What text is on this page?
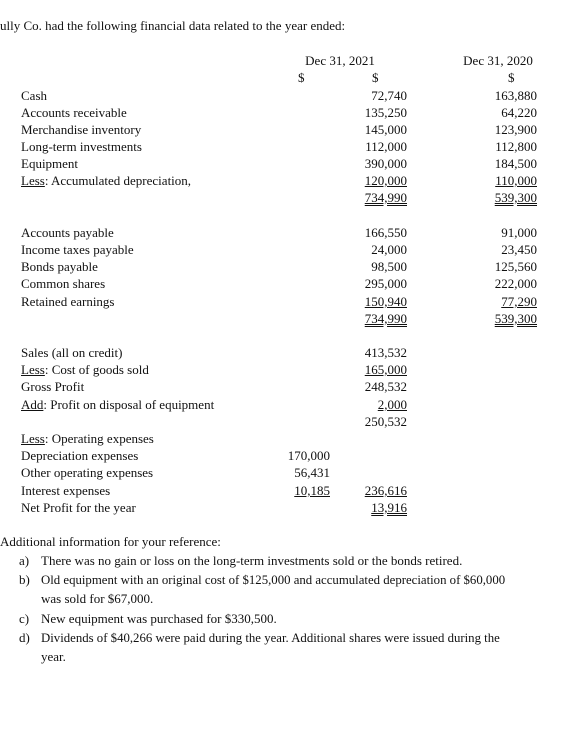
ully Co. had the following financial data related to the year ended:
Dec 31, 2021	Dec 31, 2020
$	$	$
Cash	72,740	163,880
Accounts receivable	135,250	64,220
Merchandise inventory	145,000	123,900
Long-term investments	112,000	112,800
Equipment	390,000	184,500
Less: Accumulated depreciation,	120,000	110,000
734,990	539,300
Accounts payable	166,550	91,000
Income taxes payable	24,000	23,450
Bonds payable	98,500	125,560
Common shares	295,000	222,000
Retained earnings	150,940	77,290
734,990	539,300
Sales (all on credit)	413,532
Less: Cost of goods sold	165,000
Gross Profit	248,532
Add: Profit on disposal of equipment	2,000
250,532
Less: Operating expenses
Depreciation expenses	170,000
Other operating expenses	56,431
Interest expenses	10,185	236,616
Net Profit for the year	13,916
Additional information for your reference:
a) There was no gain or loss on the long-term investments sold or the bonds retired.
b) Old equipment with an original cost of $125,000 and accumulated depreciation of $60,000
was sold for $67,000.
c) New equipment was purchased for $330,500.
d) Dividends of $40,266 were paid during the year. Additional shares were issued during the
year.
